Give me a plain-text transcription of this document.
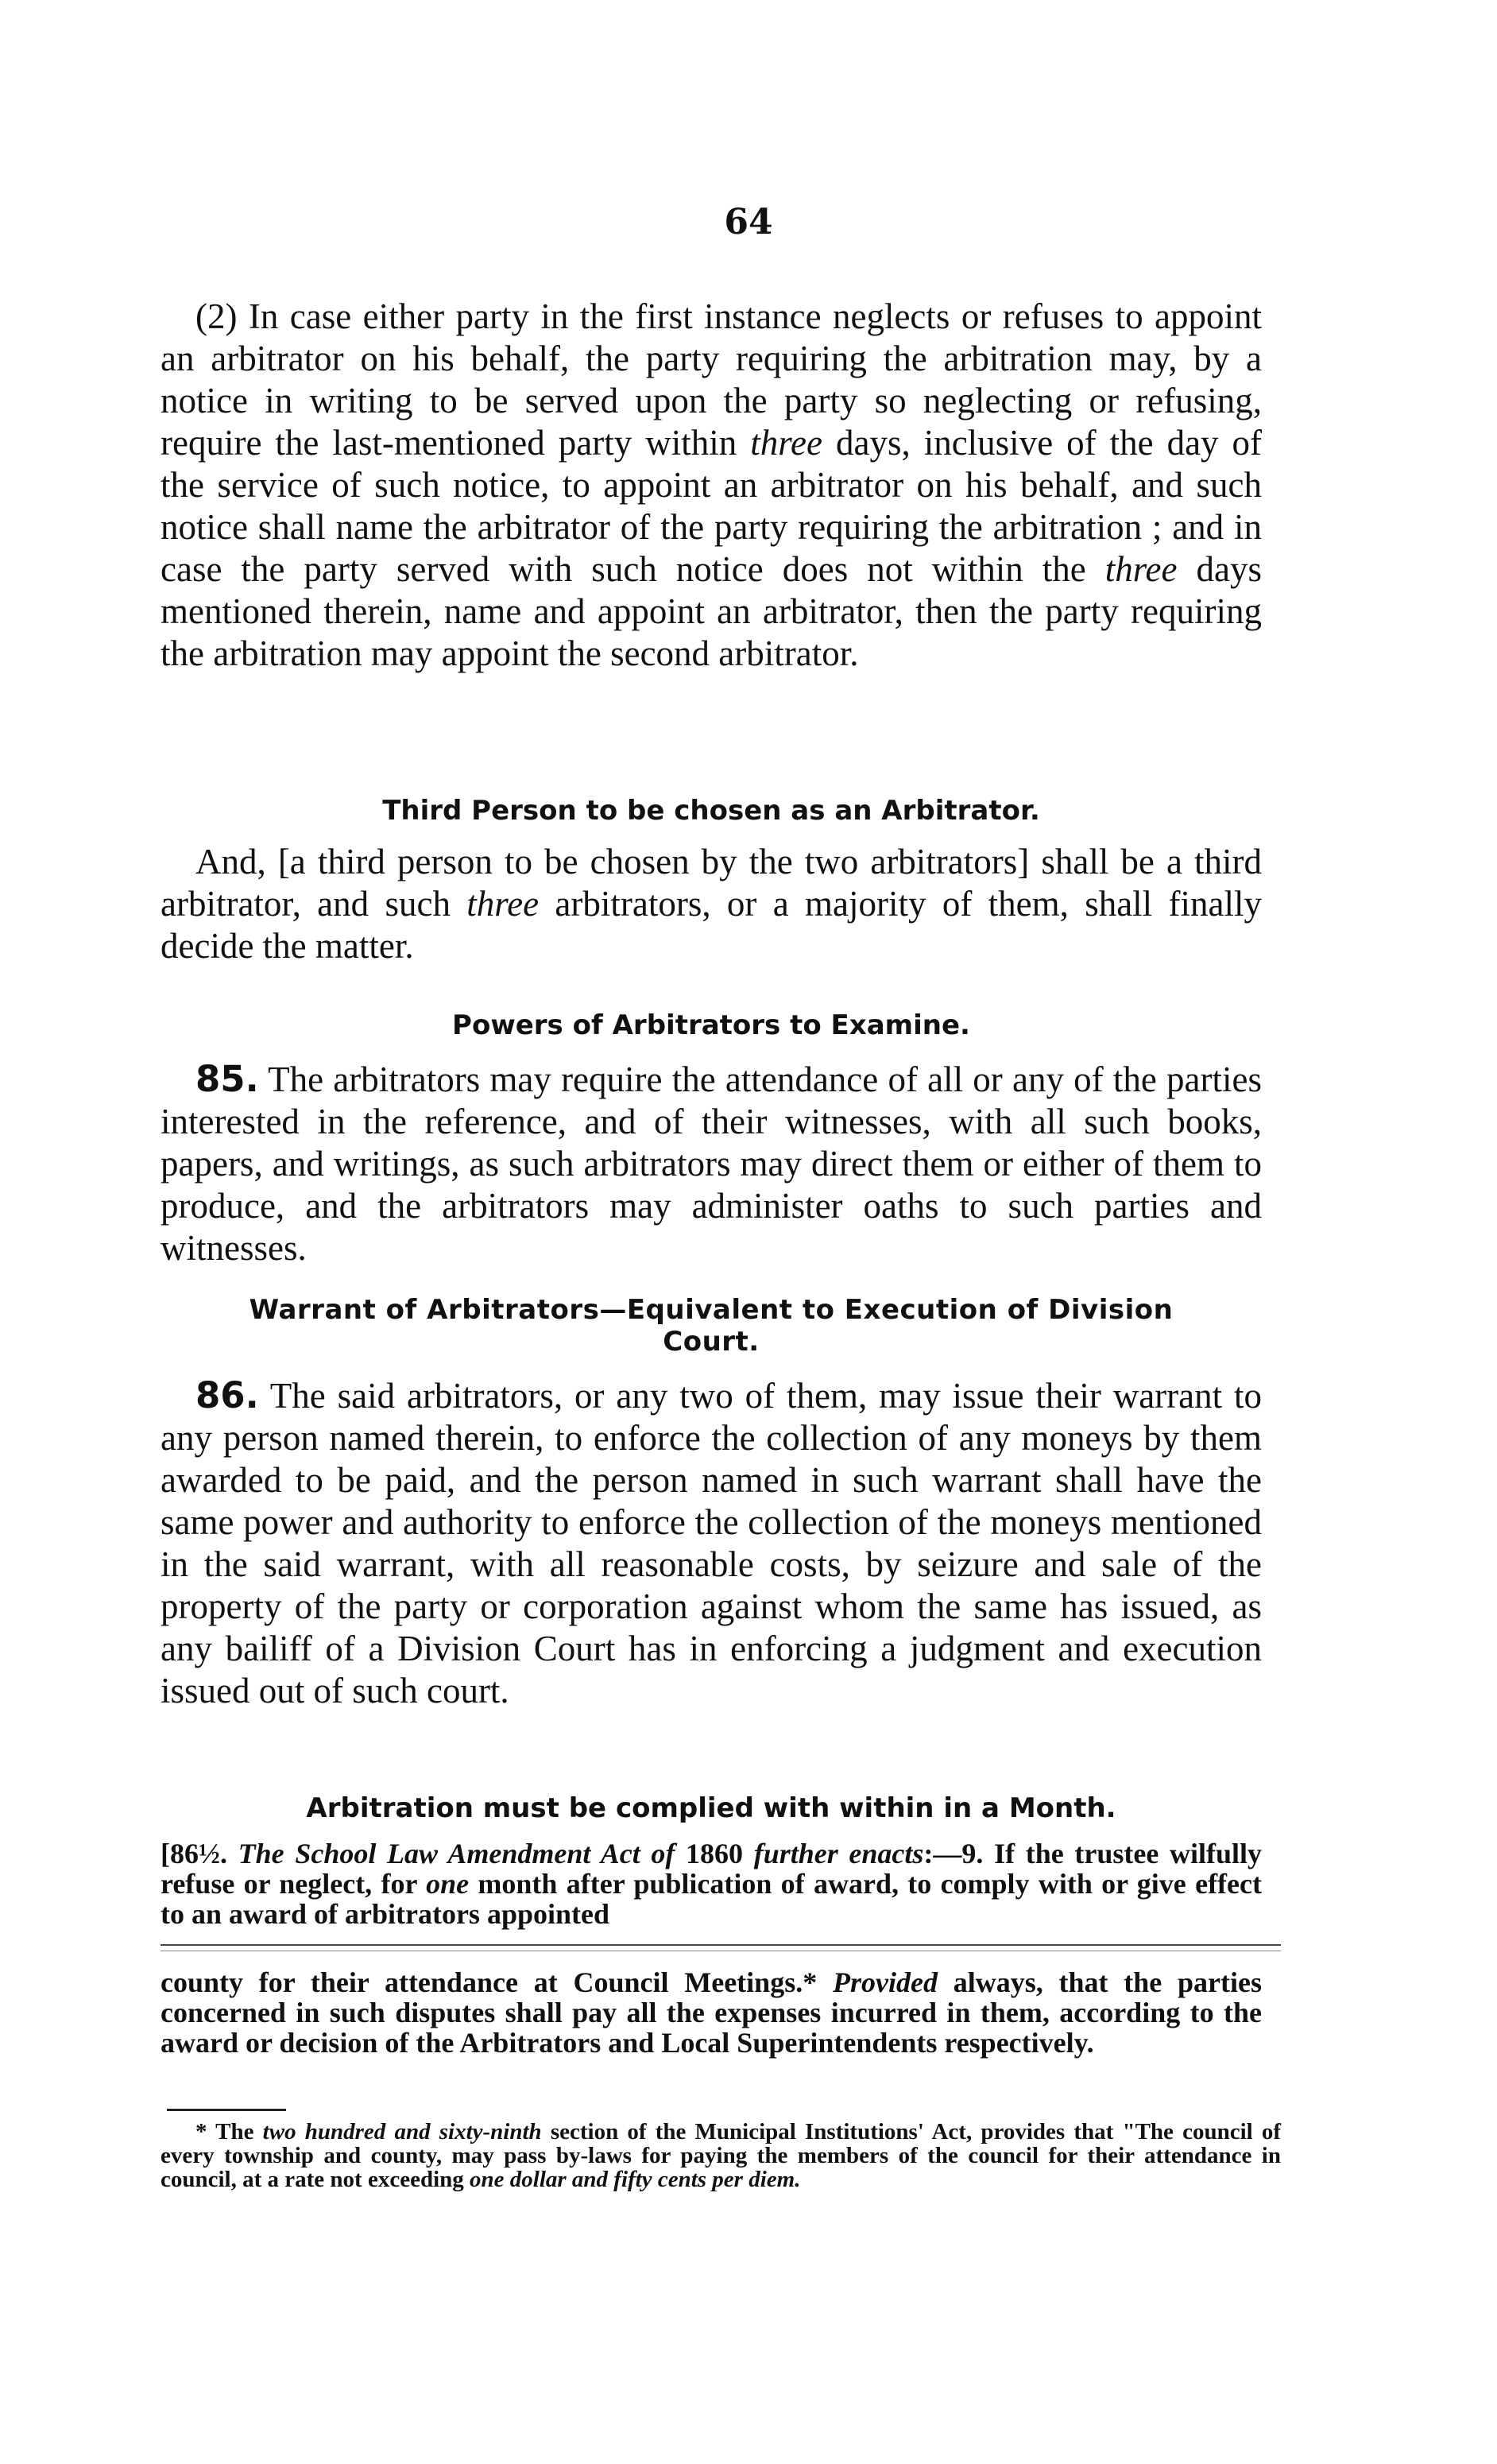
64

(2) In case either party in the first instance neglects or refuses to appoint an arbitrator on his behalf, the party requiring the arbitration may, by a notice in writing to be served upon the party so neglecting or refusing, require the last-mentioned party within three days, inclusive of the day of the service of such notice, to appoint an arbitrator on his behalf, and such notice shall name the arbitrator of the party requiring the arbitration ; and in case the party served with such notice does not within the three days mentioned therein, name and appoint an arbitrator, then the party requiring the arbitration may appoint the second arbitrator.

Third Person to be chosen as an Arbitrator.

And, [a third person to be chosen by the two arbitrators] shall be a third arbitrator, and such three arbitrators, or a majority of them, shall finally decide the matter.

Powers of Arbitrators to Examine.

85. The arbitrators may require the attendance of all or any of the parties interested in the reference, and of their witnesses, with all such books, papers, and writings, as such arbitrators may direct them or either of them to produce, and the arbitrators may administer oaths to such parties and witnesses.

Warrant of Arbitrators—Equivalent to Execution of Division
Court.

86. The said arbitrators, or any two of them, may issue their warrant to any person named therein, to enforce the collection of any moneys by them awarded to be paid, and the person named in such warrant shall have the same power and authority to enforce the collection of the moneys mentioned in the said warrant, with all reasonable costs, by seizure and sale of the property of the party or corporation against whom the same has issued, as any bailiff of a Division Court has in enforcing a judgment and execution issued out of such court.

Arbitration must be complied with within in a Month.

[86½. The School Law Amendment Act of 1860 further enacts:—9. If the trustee wilfully refuse or neglect, for one month after publication of award, to comply with or give effect to an award of arbitrators appointed

county for their attendance at Council Meetings.* Provided always, that the parties concerned in such disputes shall pay all the expenses incurred in them, according to the award or decision of the Arbitrators and Local Superintendents respectively.

* The two hundred and sixty-ninth section of the Municipal Institutions' Act, provides that "The council of every township and county, may pass by-laws for paying the members of the council for their attendance in council, at a rate not exceeding one dollar and fifty cents per diem.
